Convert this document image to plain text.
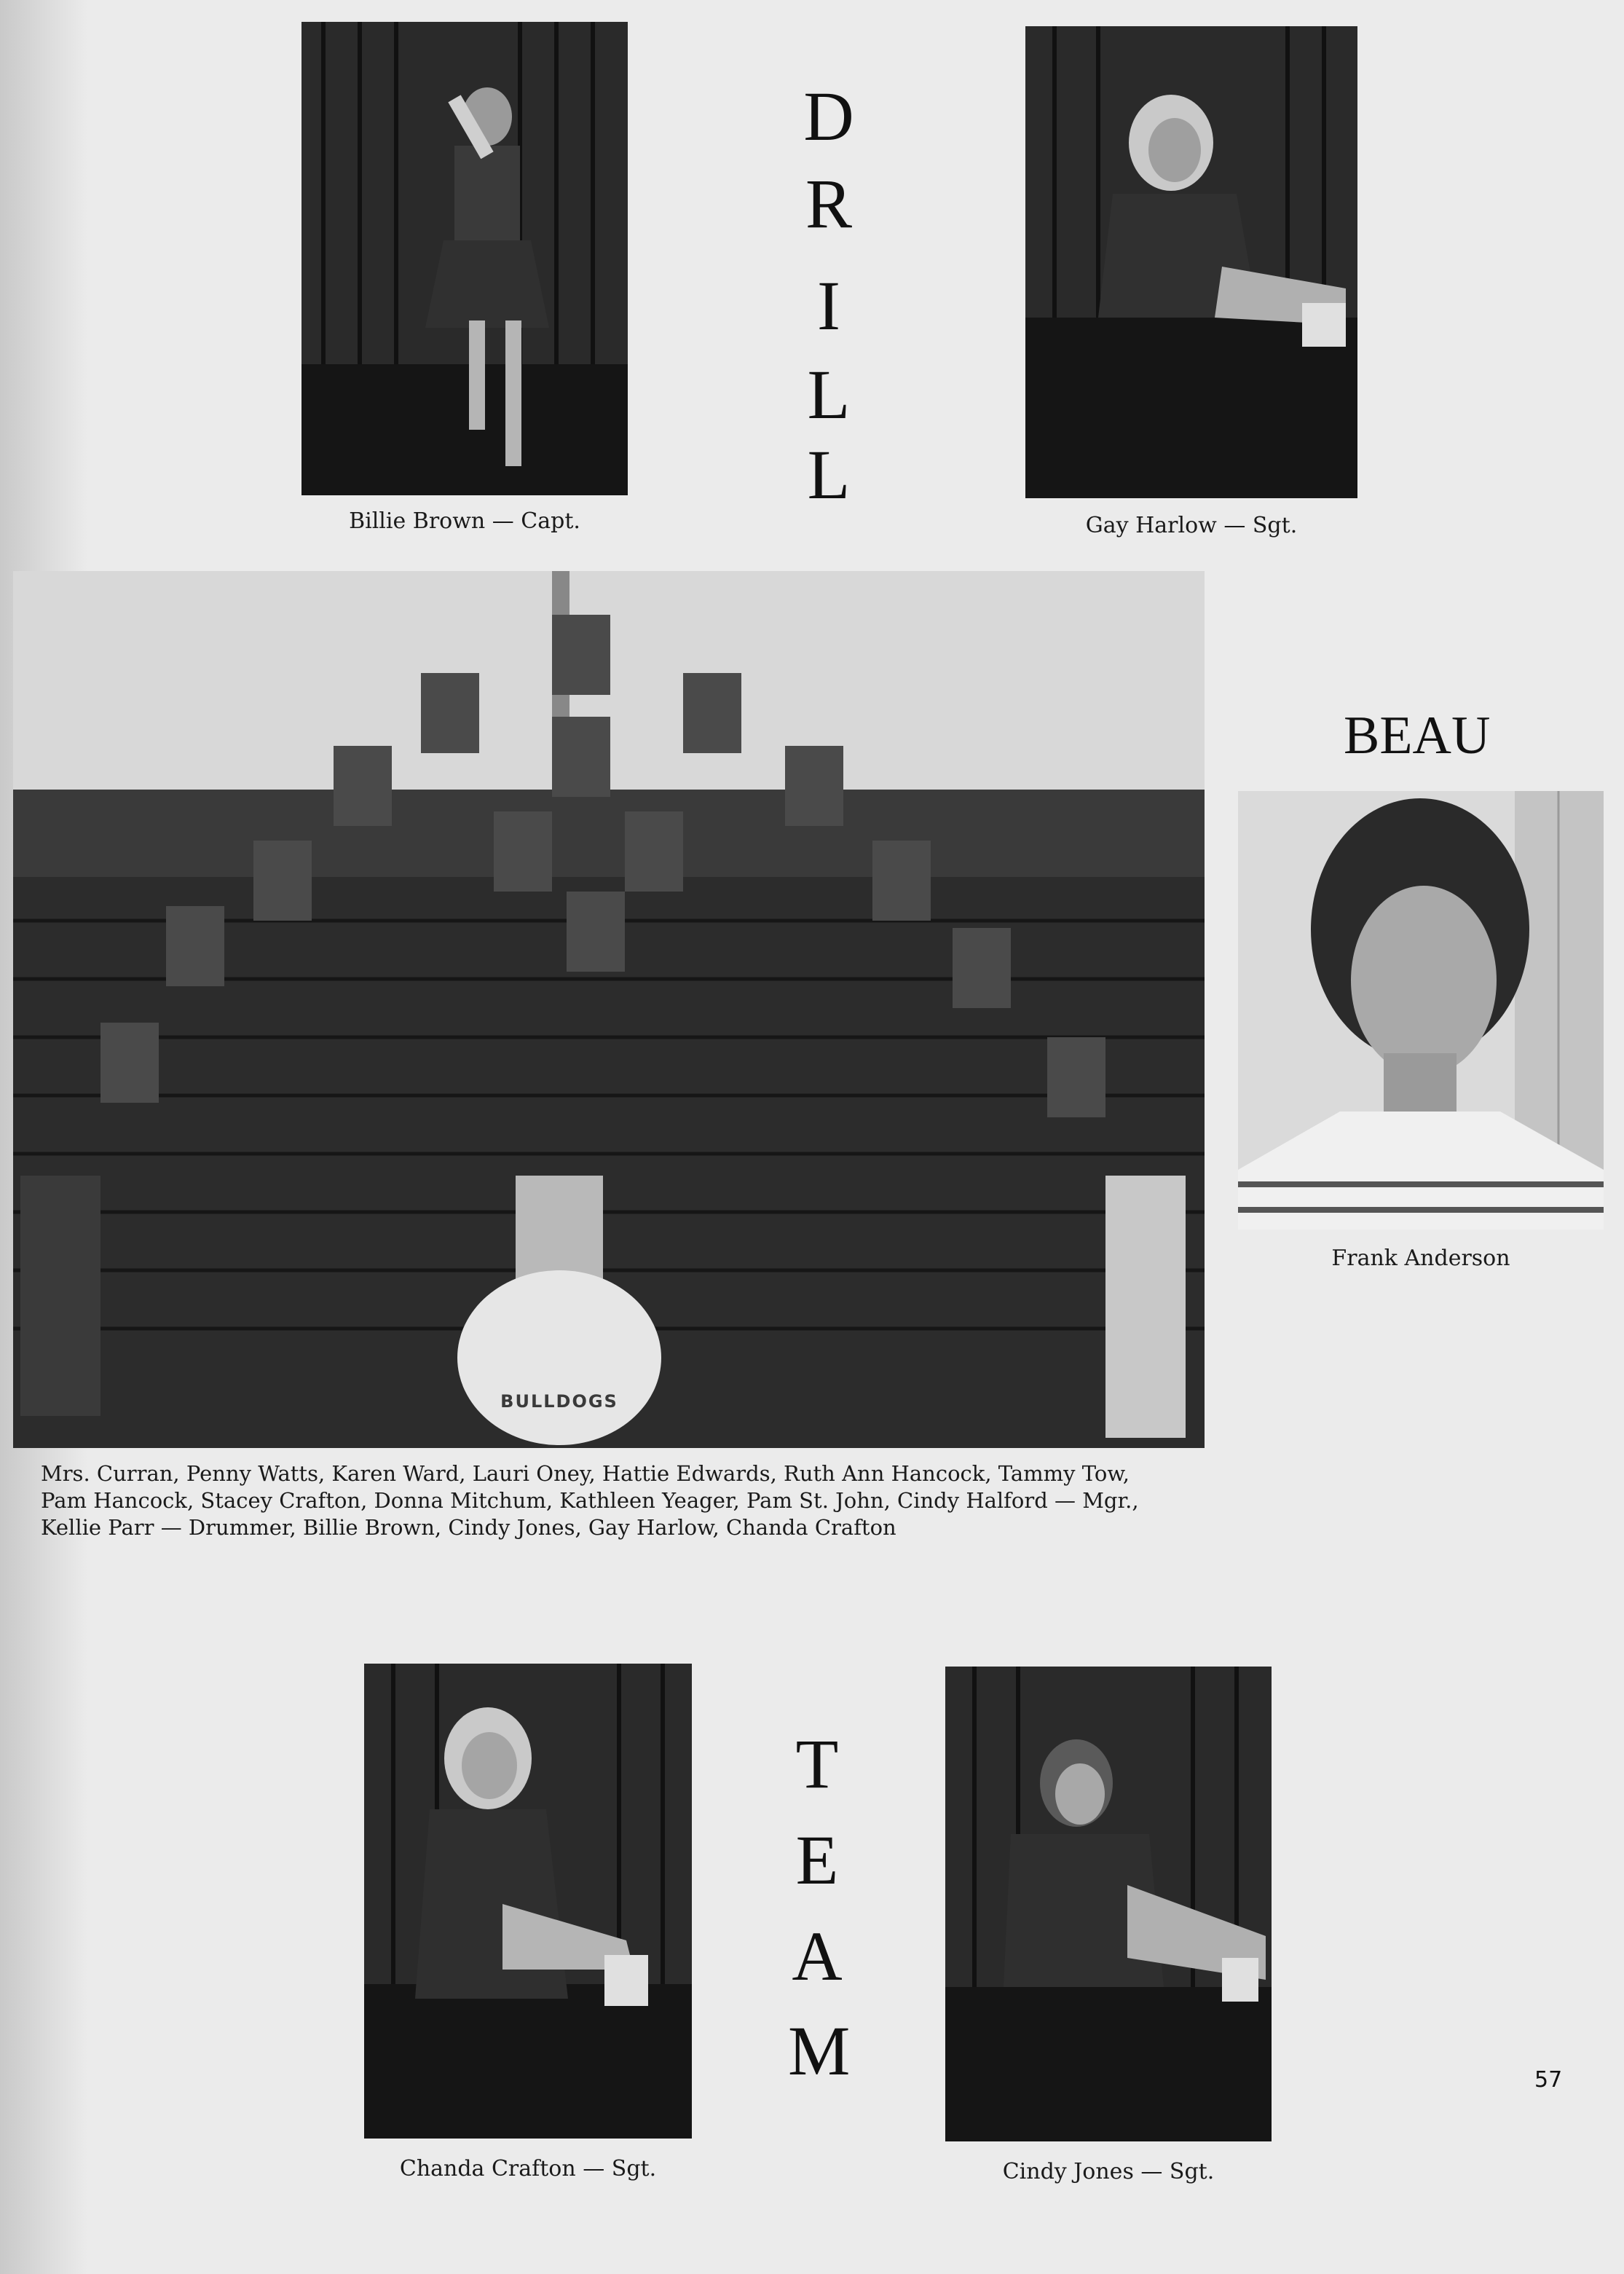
Billie Brown — Capt.
D
R
I
L
L
Gay Harlow — Sgt.
BULLDOGS
Mrs. Curran, Penny Watts, Karen Ward, Lauri Oney, Hattie Edwards, Ruth Ann Hancock, Tammy Tow,
Pam Hancock, Stacey Crafton, Donna Mitchum, Kathleen Yeager, Pam St. John, Cindy Halford — Mgr.,
Kellie Parr — Drummer, Billie Brown, Cindy Jones, Gay Harlow, Chanda Crafton
BEAU
Frank Anderson
Chanda Crafton — Sgt.
T
E
A
M
Cindy Jones — Sgt.
57
